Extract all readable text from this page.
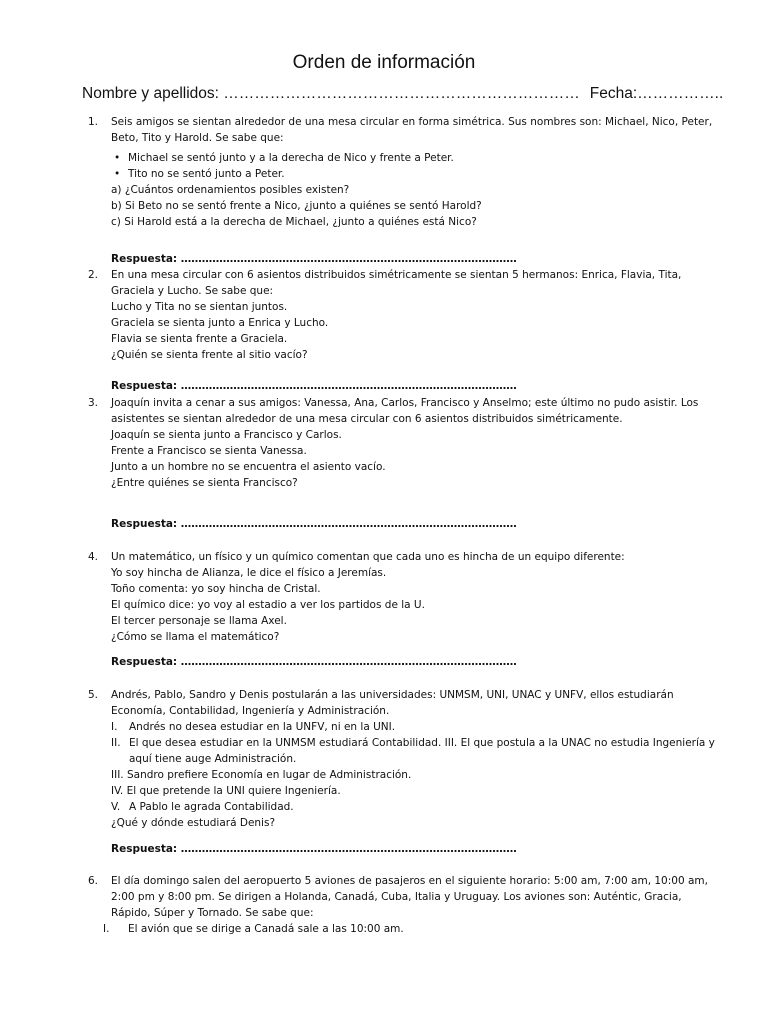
Orden de información
Nombre y apellidos: …………………………………………………………… Fecha:……………..
1. Seis amigos se sientan alrededor de una mesa circular en forma simétrica. Sus nombres son: Michael, Nico, Peter, Beto, Tito y Harold. Se sabe que:
• Michael se sentó junto y a la derecha de Nico y frente a Peter.
• Tito no se sentó junto a Peter.
a) ¿Cuántos ordenamientos posibles existen?
b) Si Beto no se sentó frente a Nico, ¿junto a quiénes se sentó Harold?
c) Si Harold está a la derecha de Michael, ¿junto a quiénes está Nico?
Respuesta: ……………………………………………………………………………………
2. En una mesa circular con 6 asientos distribuidos simétricamente se sientan 5 hermanos: Enrica, Flavia, Tita, Graciela y Lucho. Se sabe que:
Lucho y Tita no se sientan juntos.
Graciela se sienta junto a Enrica y Lucho.
Flavia se sienta frente a Graciela.
¿Quién se sienta frente al sitio vacío?
Respuesta: ……………………………………………………………………………………
3. Joaquín invita a cenar a sus amigos: Vanessa, Ana, Carlos, Francisco y Anselmo; este último no pudo asistir. Los asistentes se sientan alrededor de una mesa circular con 6 asientos distribuidos simétricamente.
Joaquín se sienta junto a Francisco y Carlos.
Frente a Francisco se sienta Vanessa.
Junto a un hombre no se encuentra el asiento vacío.
¿Entre quiénes se sienta Francisco?
Respuesta: ……………………………………………………………………………………
4. Un matemático, un físico y un químico comentan que cada uno es hincha de un equipo diferente:
Yo soy hincha de Alianza, le dice el físico a Jeremías.
Toño comenta: yo soy hincha de Cristal.
El químico dice: yo voy al estadio a ver los partidos de la U.
El tercer personaje se llama Axel.
¿Cómo se llama el matemático?
Respuesta: ……………………………………………………………………………………
5. Andrés, Pablo, Sandro y Denis postularán a las universidades: UNMSM, UNI, UNAC y UNFV, ellos estudiarán Economía, Contabilidad, Ingeniería y Administración.
I. Andrés no desea estudiar en la UNFV, ni en la UNI.
II. El que desea estudiar en la UNMSM estudiará Contabilidad. III. El que postula a la UNAC no estudia Ingeniería y aquí tiene auge Administración.
III. Sandro prefiere Economía en lugar de Administración.
IV. El que pretende la UNI quiere Ingeniería.
V. A Pablo le agrada Contabilidad.
¿Qué y dónde estudiará Denis?
Respuesta: ……………………………………………………………………………………
6. El día domingo salen del aeropuerto 5 aviones de pasajeros en el siguiente horario: 5:00 am, 7:00 am, 10:00 am, 2:00 pm y 8:00 pm. Se dirigen a Holanda, Canadá, Cuba, Italia y Uruguay. Los aviones son: Auténtic, Gracia, Rápido, Súper y Tornado. Se sabe que:
I. El avión que se dirige a Canadá sale a las 10:00 am.
